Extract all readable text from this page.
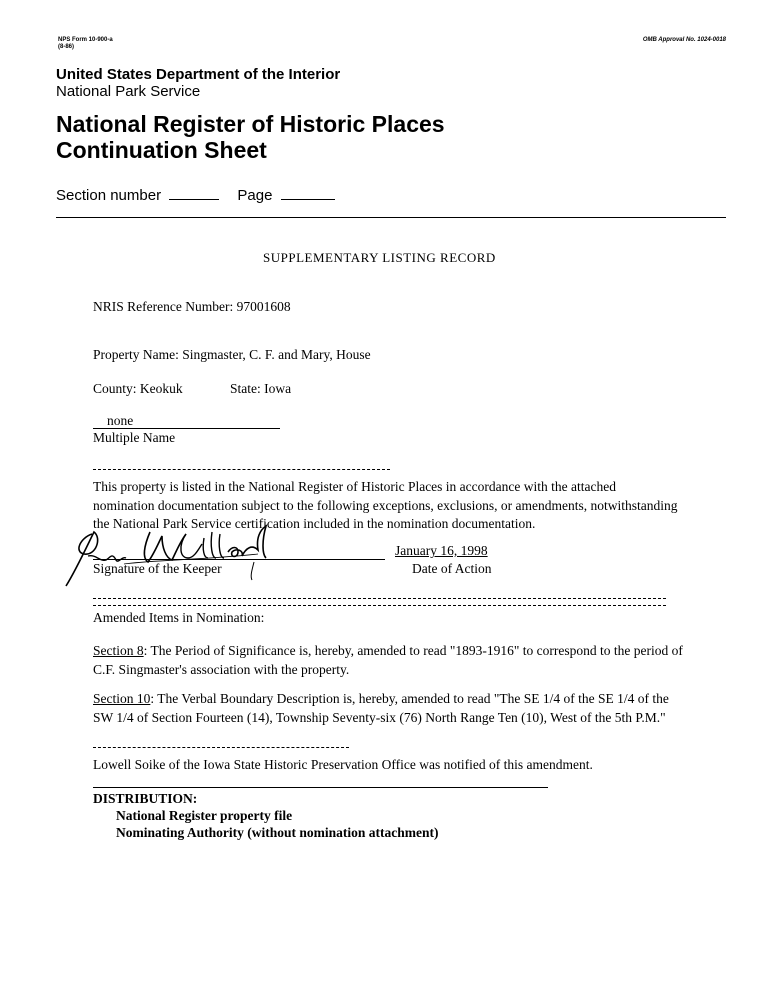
NPS Form 10-900-a
(8-86)
OMB Approval No. 1024-0018
United States Department of the Interior
National Park Service
National Register of Historic Places
Continuation Sheet
Section number	Page
SUPPLEMENTARY LISTING RECORD
NRIS Reference Number: 97001608
Property Name: Singmaster, C. F. and Mary, House
County: Keokuk	State: Iowa
none
Multiple Name
This property is listed in the National Register of Historic Places in accordance with the attached nomination documentation subject to the following exceptions, exclusions, or amendments, notwithstanding the National Park Service certification included in the nomination documentation.
Signature of the Keeper
January 16, 1998
Date of Action
Amended Items in Nomination:
Section 8: The Period of Significance is, hereby, amended to read "1893-1916" to correspond to the period of C.F. Singmaster's association with the property.
Section 10: The Verbal Boundary Description is, hereby, amended to read "The SE 1/4 of the SE 1/4 of the SW 1/4 of Section Fourteen (14), Township Seventy-six (76) North Range Ten (10), West of the 5th P.M."
Lowell Soike of the Iowa State Historic Preservation Office was notified of this amendment.
DISTRIBUTION:
National Register property file
Nominating Authority (without nomination attachment)
